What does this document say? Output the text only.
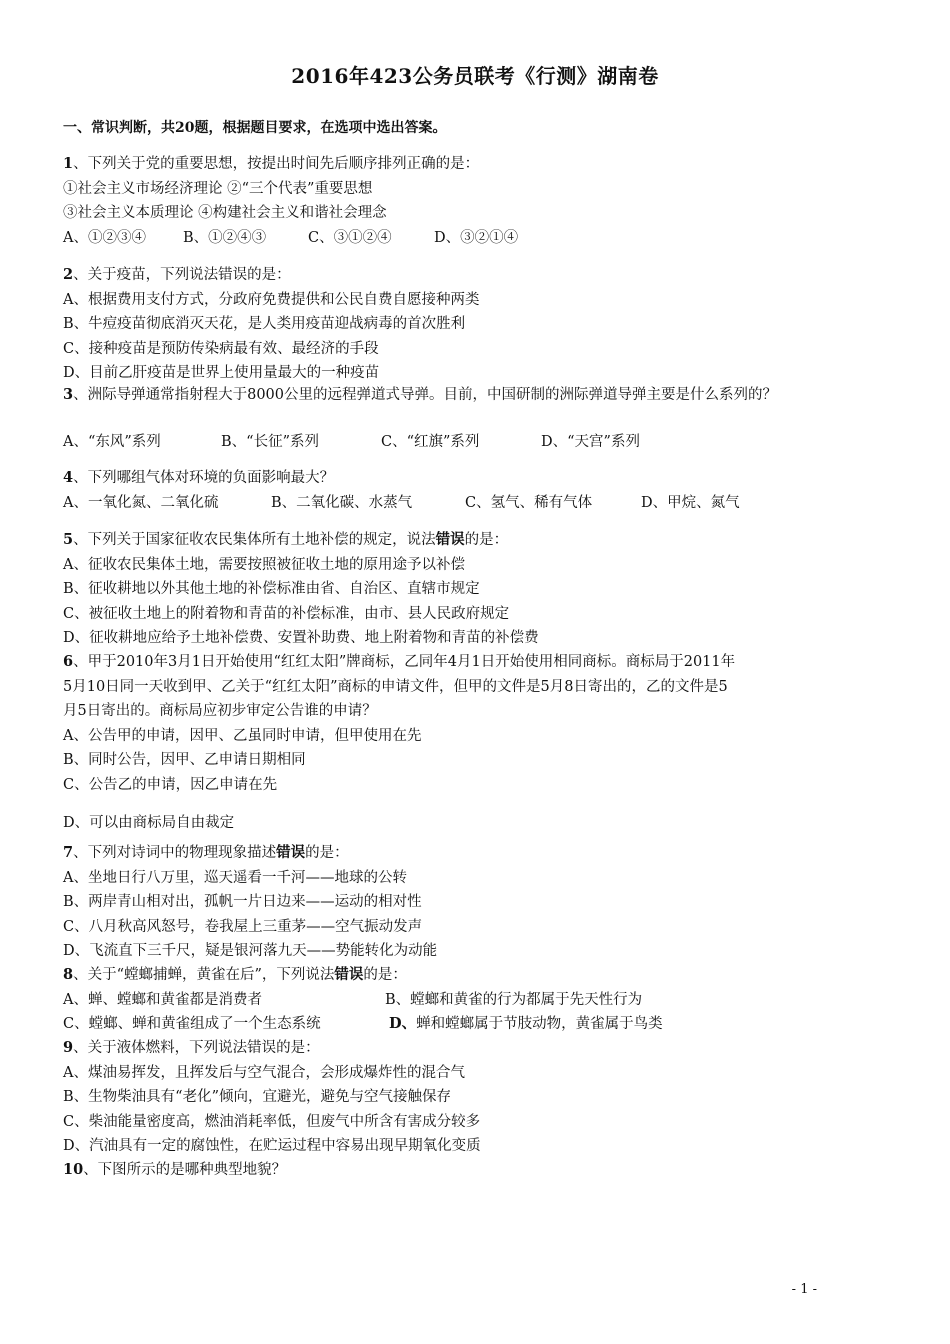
2016年423公务员联考《行测》湖南卷
一、常识判断，共20题，根据题目要求，在选项中选出答案。
1、下列关于党的重要思想，按提出时间先后顺序排列正确的是：
①社会主义市场经济理论 ②“三个代表”重要思想
③社会主义本质理论 ④构建社会主义和谐社会理念
A、①②③④	B、①②④③	C、③①②④	D、③②①④
2、关于疫苗，下列说法错误的是：
A、根据费用支付方式，分政府免费提供和公民自费自愿接种两类
B、牛痘疫苗彻底消灭天花，是人类用疫苗迎战病毒的首次胜利
C、接种疫苗是预防传染病最有效、最经济的手段
D、目前乙肝疫苗是世界上使用量最大的一种疫苗
3、洲际导弹通常指射程大于8000公里的远程弹道式导弹。目前，中国研制的洲际弹道导弹主要是什么系列的？
A、“东风”系列	B、“长征”系列	C、“红旗”系列	D、“天宫”系列
4、下列哪组气体对环境的负面影响最大？
A、一氧化氮、二氧化硫	B、二氧化碳、水蒸气	C、氢气、稀有气体	D、甲烷、氮气
5、下列关于国家征收农民集体所有土地补偿的规定，说法错误的是：
A、征收农民集体土地，需要按照被征收土地的原用途予以补偿
B、征收耕地以外其他土地的补偿标准由省、自治区、直辖市规定
C、被征收土地上的附着物和青苗的补偿标准，由市、县人民政府规定
D、征收耕地应给予土地补偿费、安置补助费、地上附着物和青苗的补偿费
6、甲于2010年3月1日开始使用“红红太阳”牌商标，乙同年4月1日开始使用相同商标。商标局于2011年
5月10日同一天收到甲、乙关于“红红太阳”商标的申请文件，但甲的文件是5月8日寄出的，乙的文件是5
月5日寄出的。商标局应初步审定公告谁的申请？
A、公告甲的申请，因甲、乙虽同时申请，但甲使用在先
B、同时公告，因甲、乙申请日期相同
C、公告乙的申请，因乙申请在先
D、可以由商标局自由裁定
7、下列对诗词中的物理现象描述错误的是：
A、坐地日行八万里，巡天遥看一千河——地球的公转
B、两岸青山相对出，孤帆一片日边来——运动的相对性
C、八月秋高风怒号，卷我屋上三重茅——空气振动发声
D、飞流直下三千尺，疑是银河落九天——势能转化为动能
8、关于“螳螂捕蝉，黄雀在后”，下列说法错误的是：
A、蝉、螳螂和黄雀都是消费者	B、螳螂和黄雀的行为都属于先天性行为
C、螳螂、蝉和黄雀组成了一个生态系统	D、蝉和螳螂属于节肢动物，黄雀属于鸟类
9、关于液体燃料，下列说法错误的是：
A、煤油易挥发，且挥发后与空气混合，会形成爆炸性的混合气
B、生物柴油具有“老化”倾向，宜避光，避免与空气接触保存
C、柴油能量密度高，燃油消耗率低，但废气中所含有害成分较多
D、汽油具有一定的腐蚀性，在贮运过程中容易出现早期氧化变质
10、下图所示的是哪种典型地貌？
- 1 -
